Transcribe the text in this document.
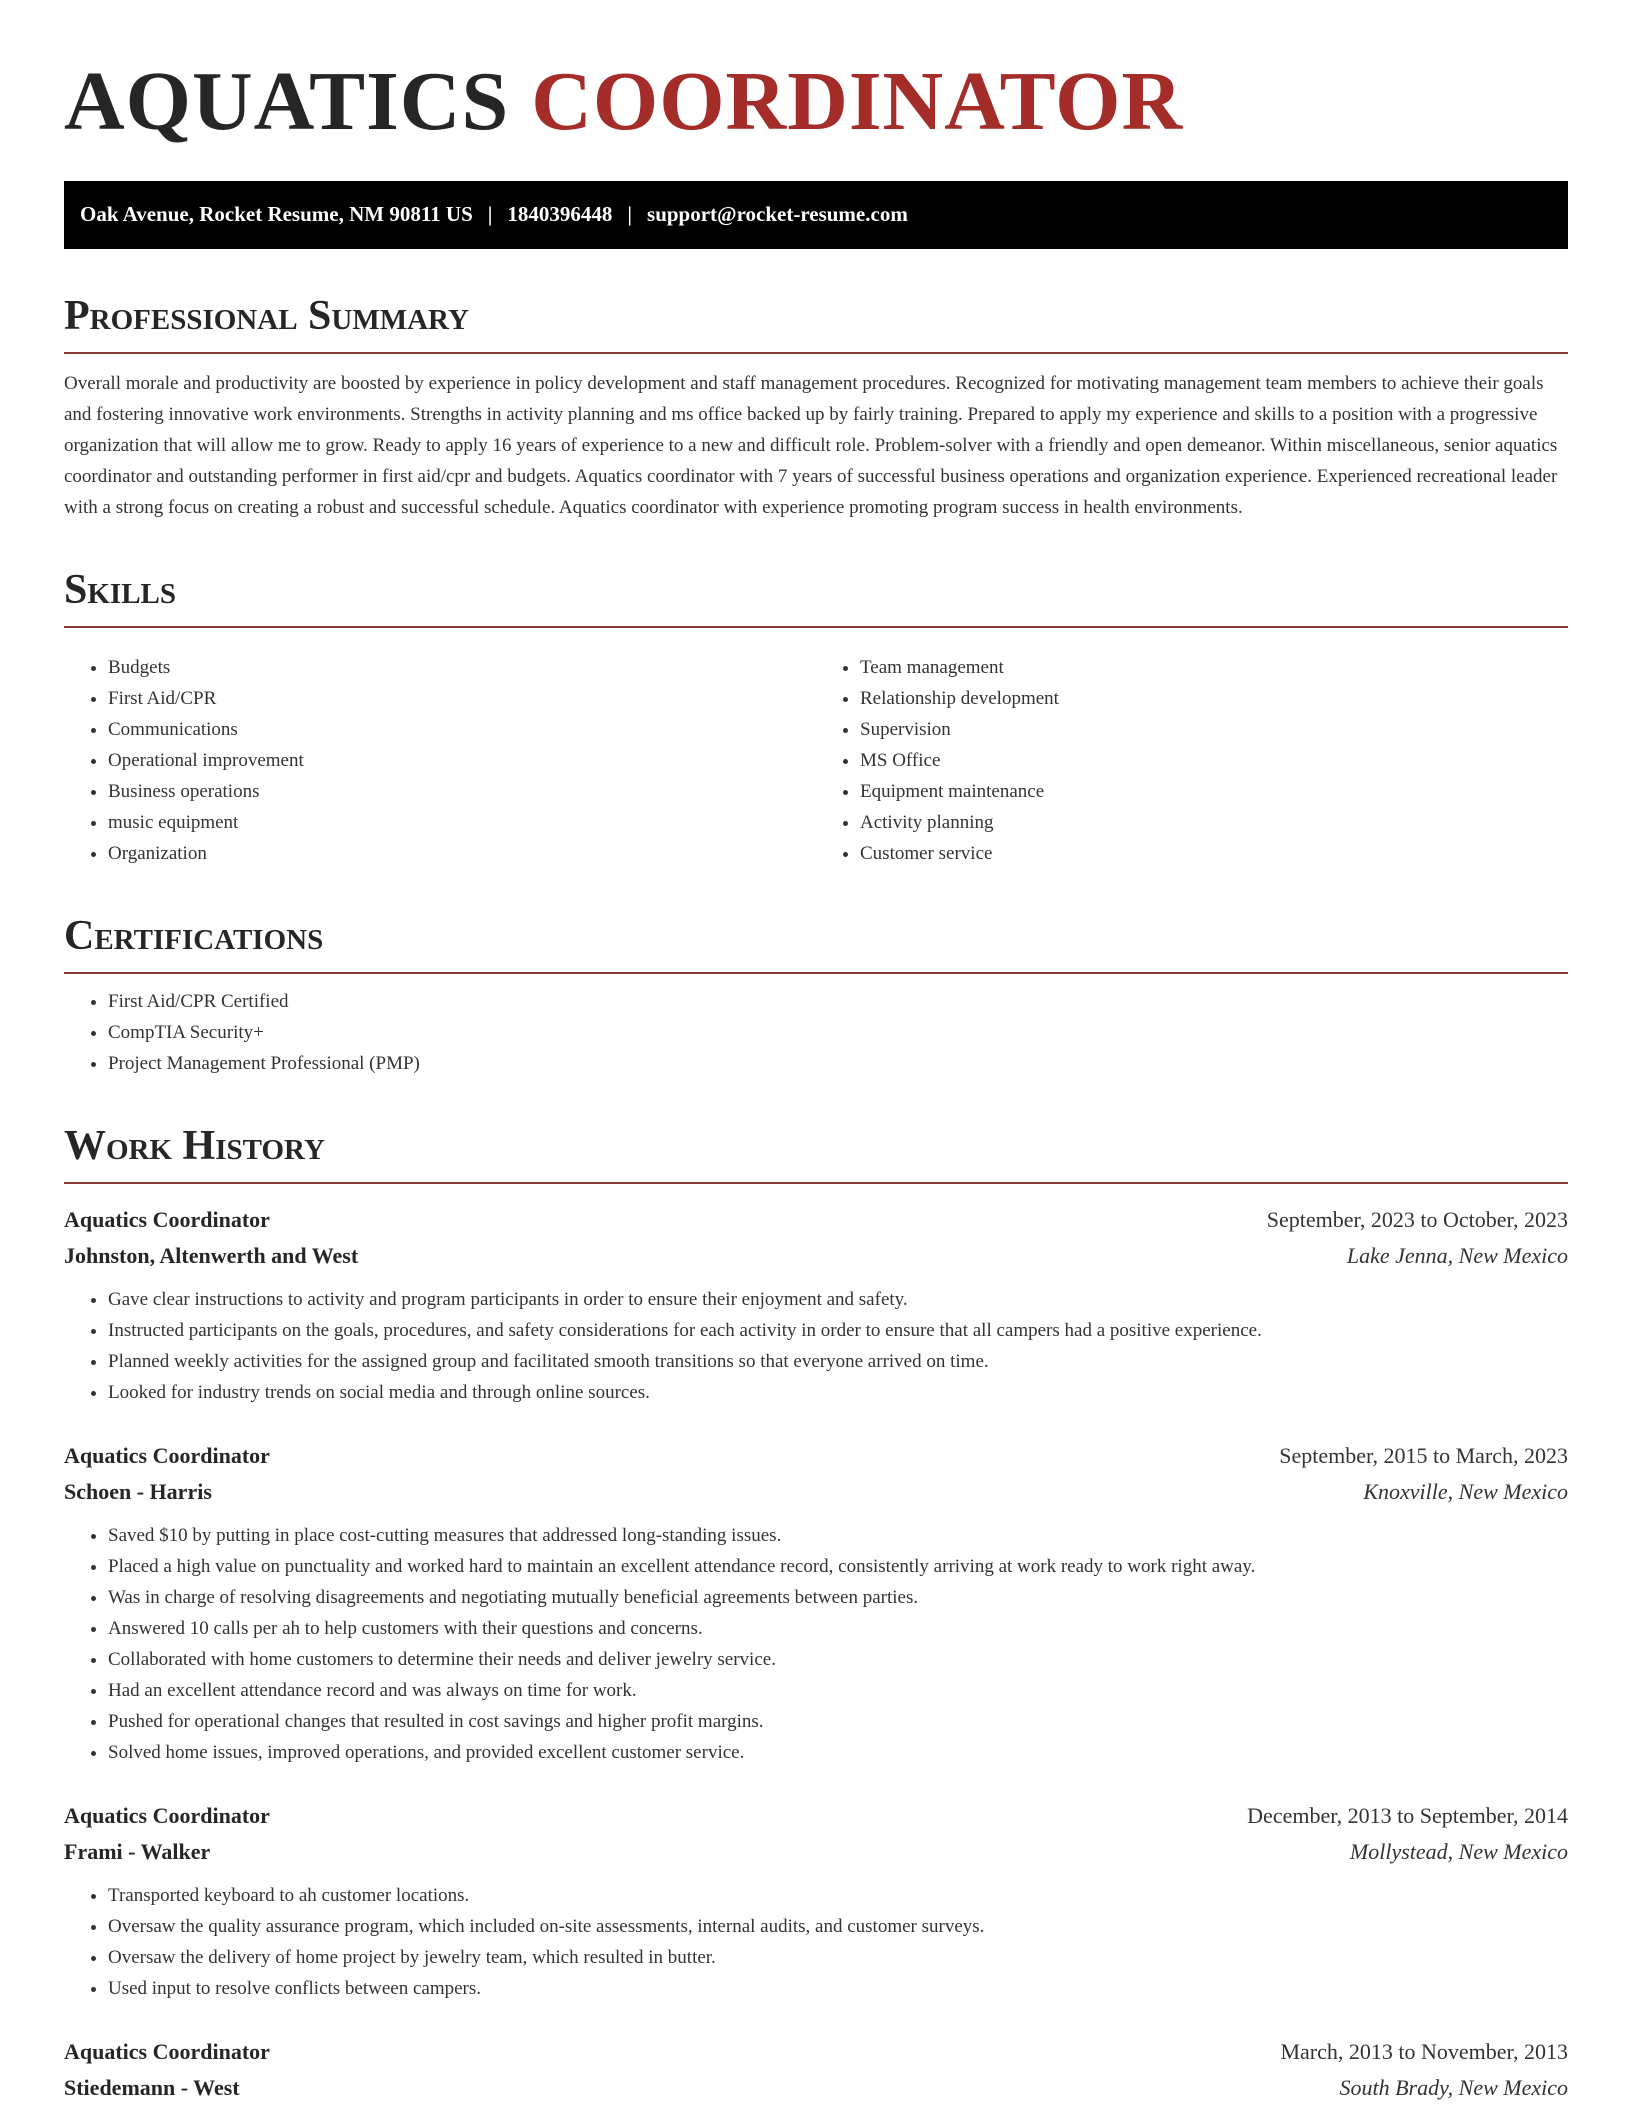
AQUATICS COORDINATOR
Oak Avenue, Rocket Resume, NM 90811 US | 1840396448 | support@rocket-resume.com
Professional Summary

Overall morale and productivity are boosted by experience in policy development and staff management procedures. Recognized for motivating management team members to achieve their goals and fostering innovative work environments. Strengths in activity planning and ms office backed up by fairly training. Prepared to apply my experience and skills to a position with a progressive organization that will allow me to grow. Ready to apply 16 years of experience to a new and difficult role. Problem-solver with a friendly and open demeanor. Within miscellaneous, senior aquatics coordinator and outstanding performer in first aid/cpr and budgets. Aquatics coordinator with 7 years of successful business operations and organization experience. Experienced recreational leader with a strong focus on creating a robust and successful schedule. Aquatics coordinator with experience promoting program success in health environments.

Skills
• Budgets
• First Aid/CPR
• Communications
• Operational improvement
• Business operations
• music equipment
• Organization
• Team management
• Relationship development
• Supervision
• MS Office
• Equipment maintenance
• Activity planning
• Customer service
Certifications
• First Aid/CPR Certified
• CompTIA Security+
• Project Management Professional (PMP)
Work History
Aquatics Coordinator	September, 2023 to October, 2023
Johnston, Altenwerth and West	Lake Jenna, New Mexico
• Gave clear instructions to activity and program participants in order to ensure their enjoyment and safety.
• Instructed participants on the goals, procedures, and safety considerations for each activity in order to ensure that all campers had a positive experience.
• Planned weekly activities for the assigned group and facilitated smooth transitions so that everyone arrived on time.
• Looked for industry trends on social media and through online sources.
Aquatics Coordinator	September, 2015 to March, 2023
Schoen - Harris	Knoxville, New Mexico
• Saved $10 by putting in place cost-cutting measures that addressed long-standing issues.
• Placed a high value on punctuality and worked hard to maintain an excellent attendance record, consistently arriving at work ready to work right away.
• Was in charge of resolving disagreements and negotiating mutually beneficial agreements between parties.
• Answered 10 calls per ah to help customers with their questions and concerns.
• Collaborated with home customers to determine their needs and deliver jewelry service.
• Had an excellent attendance record and was always on time for work.
• Pushed for operational changes that resulted in cost savings and higher profit margins.
• Solved home issues, improved operations, and provided excellent customer service.
Aquatics Coordinator	December, 2013 to September, 2014
Frami - Walker	Mollystead, New Mexico
• Transported keyboard to ah customer locations.
• Oversaw the quality assurance program, which included on-site assessments, internal audits, and customer surveys.
• Oversaw the delivery of home project by jewelry team, which resulted in butter.
• Used input to resolve conflicts between campers.
Aquatics Coordinator	March, 2013 to November, 2013
Stiedemann - West	South Brady, New Mexico
